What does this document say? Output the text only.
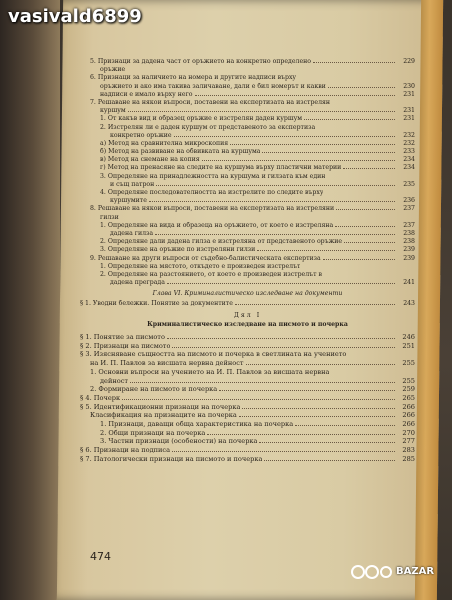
5. Признаци за дадена част от оръжието на конкретно определено	229
оръжие
6. Признаци за наличието на номера и другите надписи върху
оръжието и ако има такива заличаване, дали е бил номерът и какви	230
надписи е имало върху него	231
7. Решаване на някои въпроси, поставени на експертизата на изстрелян
куршум	231
1. От какъв вид и образец оръжие е изстрелян даден куршум	231
2. Изстрелян ли е даден куршум от представеното за експертиза
конкретно оръжие	232
а) Метод на сравнителна микроскопия	232
б) Метод на развиване на обвивката на куршума	233
в) Метод на снемане на копия	234
г) Метод на пренасяне на следите на куршума върху пластични материи	234
3. Определяне на принадлежността на куршума и гилзата към един
и същ патрон	235
4. Определяне последователността на изстрелите по следите върху
куршумите	236
8. Решаване на някои въпроси, поставени на експертизата на изстреляни	237
гилзи
1. Определяне на вида и образеца на оръжието, от което е изстреляна	237
дадена гилза	238
2. Определяне дали дадена гилза е изстреляна от представеното оръжие	238
3. Определяне на оръжие по изстреляни гилзи	239
9. Решаване на други въпроси от съдебно-балистическата експертиза	239
1. Определяне на мястото, откъдето е произведен изстрелът
2. Определяне на разстоянието, от което е произведен изстрелът в
дадена преграда	241
Глава VI. Криминалистическо изследване на документи
§ 1. Уводни бележки. Понятие за документите	243
Дял I
Криминалистическо изследване на писмото и почерка
§ 1. Понятие за писмото	246
§ 2. Признаци на писмото	251
§ 3. Изясняване същността на писмото и почерка в светлината на учението
на И. П. Павлов за висшата нервна дейност	255
1. Основни въпроси на учението на И. П. Павлов за висшата нервна
дейност	255
2. Формиране на писмото и почерка	259
§ 4. Почерк	265
§ 5. Идентификационни признаци на почерка	266
Класификация на признаците на почерка	266
1. Признаци, даващи обща характеристика на почерка	266
2. Общи признаци на почерка	270
3. Частни признаци (особености) на почерка	277
§ 6. Признаци на подписа	283
§ 7. Патологически признаци на писмото и почерка	285
474
vasivald6899
BAZAR
